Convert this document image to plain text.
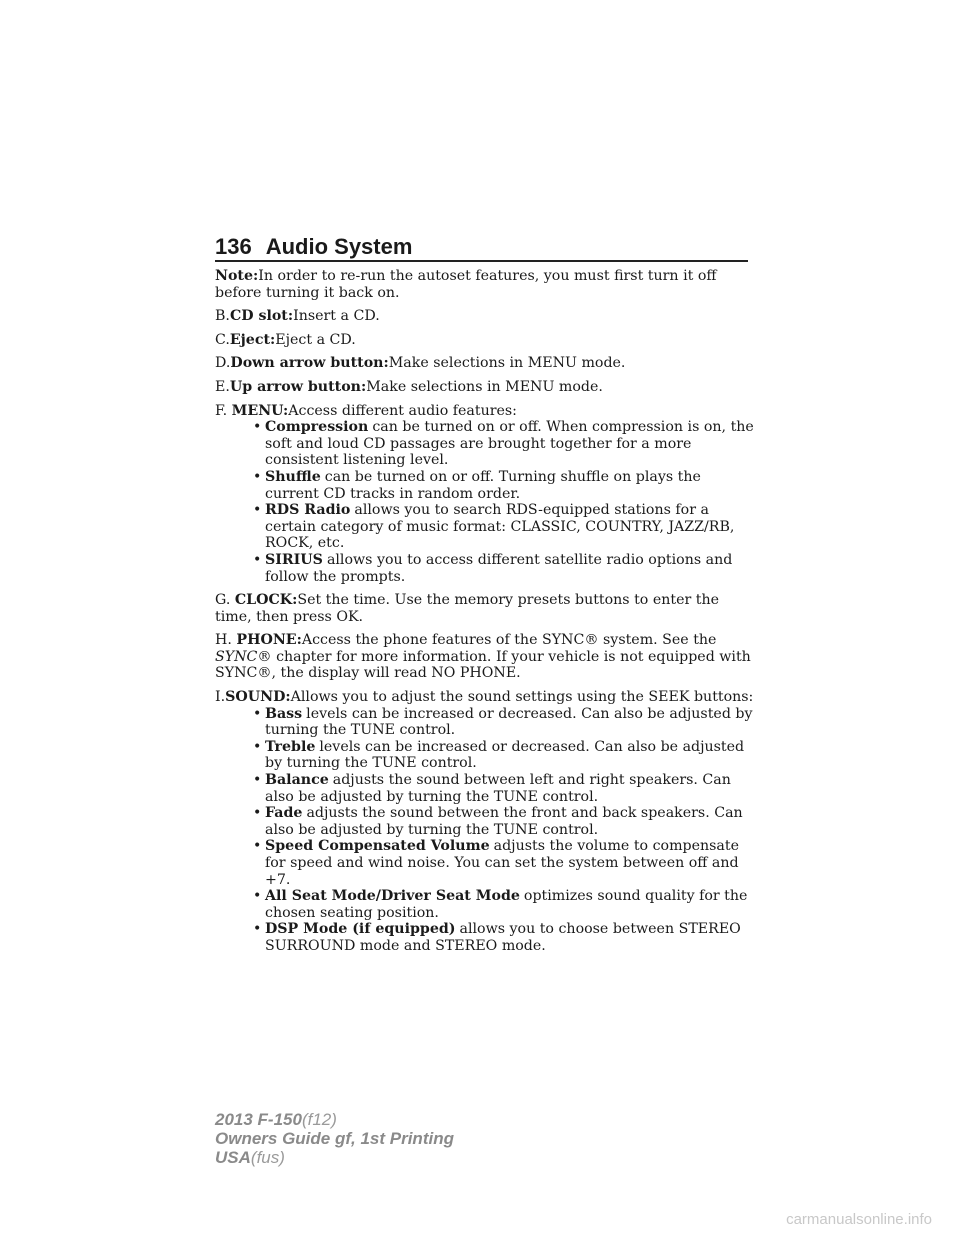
136 Audio System

Note:In order to re-run the autoset features, you must first turn it off before turning it back on.

B.CD slot:Insert a CD.

C.Eject:Eject a CD.

D.Down arrow button:Make selections in MENU mode.

E.Up arrow button:Make selections in MENU mode.

F. MENU:Access different audio features:

• Compression can be turned on or off. When compression is on, the soft and loud CD passages are brought together for a more consistent listening level.
• Shuffle can be turned on or off. Turning shuffle on plays the current CD tracks in random order.
• RDS Radio allows you to search RDS-equipped stations for a certain category of music format: CLASSIC, COUNTRY, JAZZ/RB, ROCK, etc.
• SIRIUS allows you to access different satellite radio options and follow the prompts.

G. CLOCK:Set the time. Use the memory presets buttons to enter the time, then press OK.

H. PHONE:Access the phone features of the SYNC® system. See the SYNC® chapter for more information. If your vehicle is not equipped with SYNC®, the display will read NO PHONE.

I.SOUND:Allows you to adjust the sound settings using the SEEK buttons:

• Bass levels can be increased or decreased. Can also be adjusted by turning the TUNE control.
• Treble levels can be increased or decreased. Can also be adjusted by turning the TUNE control.
• Balance adjusts the sound between left and right speakers. Can also be adjusted by turning the TUNE control.
• Fade adjusts the sound between the front and back speakers. Can also be adjusted by turning the TUNE control.
• Speed Compensated Volume adjusts the volume to compensate for speed and wind noise. You can set the system between off and +7.
• All Seat Mode/Driver Seat Mode optimizes sound quality for the chosen seating position.
• DSP Mode (if equipped) allows you to choose between STEREO SURROUND mode and STEREO mode.
2013 F-150(f12)
Owners Guide gf, 1st Printing
USA(fus)
carmanualsonline.info
